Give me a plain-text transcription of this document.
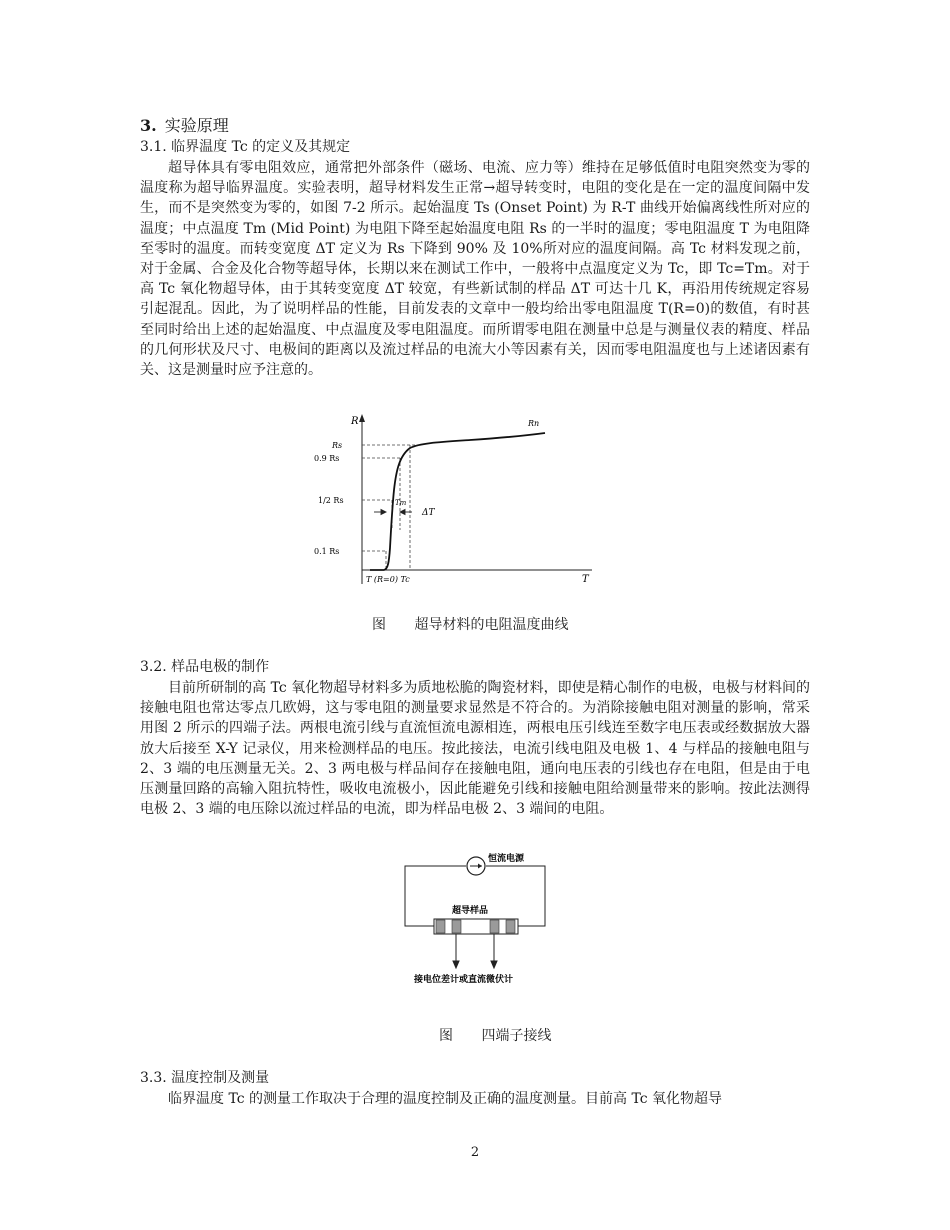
3. 实验原理
3.1. 临界温度 Tc 的定义及其规定

超导体具有零电阻效应，通常把外部条件（磁场、电流、应力等）维持在足够低值时电阻突然变为零的温度称为超导临界温度。实验表明，超导材料发生正常→超导转变时，电阻的变化是在一定的温度间隔中发生，而不是突然变为零的，如图 7-2 所示。起始温度 Ts (Onset Point) 为 R-T 曲线开始偏离线性所对应的温度；中点温度 Tm (Mid Point) 为电阻下降至起始温度电阻 Rs 的一半时的温度；零电阻温度 T 为电阻降至零时的温度。而转变宽度 ΔT 定义为 Rs 下降到 90% 及 10%所对应的温度间隔。高 Tc 材料发现之前，对于金属、合金及化合物等超导体，长期以来在测试工作中，一般将中点温度定义为 Tc，即 Tc=Tm。对于高 Tc 氧化物超导体，由于其转变宽度 ΔT 较宽，有些新试制的样品 ΔT 可达十几 K，再沿用传统规定容易引起混乱。因此，为了说明样品的性能，目前发表的文章中一般均给出零电阻温度 T(R=0)的数值，有时甚至同时给出上述的起始温度、中点温度及零电阻温度。而所谓零电阻在测量中总是与测量仪表的精度、样品的几何形状及尺寸、电极间的距离以及流过样品的电流大小等因素有关，因而零电阻温度也与上述诸因素有关、这是测量时应予注意的。

R
T
Rs
Rn
0.9 Rs
1/2 Rs
0.1 Rs
Tm
ΔT
T (R=0) Tc
图 超导材料的电阻温度曲线
3.2. 样品电极的制作

目前所研制的高 Tc 氧化物超导材料多为质地松脆的陶瓷材料，即使是精心制作的电极，电极与材料间的接触电阻也常达零点几欧姆，这与零电阻的测量要求显然是不符合的。为消除接触电阻对测量的影响，常采用图 2 所示的四端子法。两根电流引线与直流恒流电源相连，两根电压引线连至数字电压表或经数据放大器放大后接至 X-Y 记录仪，用来检测样品的电压。按此接法，电流引线电阻及电极 1、4 与样品的接触电阻与 2、3 端的电压测量无关。2、3 两电极与样品间存在接触电阻，通向电压表的引线也存在电阻，但是由于电压测量回路的高输入阻抗特性，吸收电流极小，因此能避免引线和接触电阻给测量带来的影响。按此法测得电极 2、3 端的电压除以流过样品的电流，即为样品电极 2、3 端间的电阻。

恒流电源
超导样品
接电位差计或直流微伏计
图 四端子接线
3.3. 温度控制及测量

临界温度 Tc 的测量工作取决于合理的温度控制及正确的温度测量。目前高 Tc 氧化物超导

2
